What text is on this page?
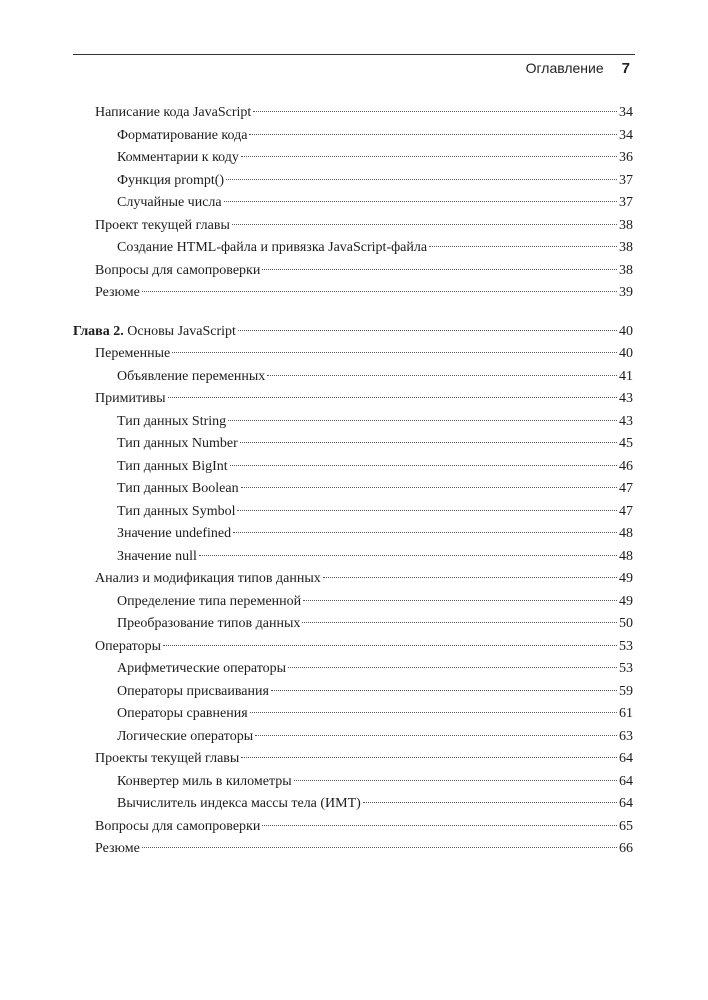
Оглавление 7
Написание кода JavaScript	34
Форматирование кода	34
Комментарии к коду	36
Функция prompt()	37
Случайные числа	37
Проект текущей главы	38
Создание HTML-файла и привязка JavaScript-файла	38
Вопросы для самопроверки	38
Резюме	39
Глава 2. Основы JavaScript	40
Переменные	40
Объявление переменных	41
Примитивы	43
Тип данных String	43
Тип данных Number	45
Тип данных BigInt	46
Тип данных Boolean	47
Тип данных Symbol	47
Значение undefined	48
Значение null	48
Анализ и модификация типов данных	49
Определение типа переменной	49
Преобразование типов данных	50
Операторы	53
Арифметические операторы	53
Операторы присваивания	59
Операторы сравнения	61
Логические операторы	63
Проекты текущей главы	64
Конвертер миль в километры	64
Вычислитель индекса массы тела (ИМТ)	64
Вопросы для самопроверки	65
Резюме	66
